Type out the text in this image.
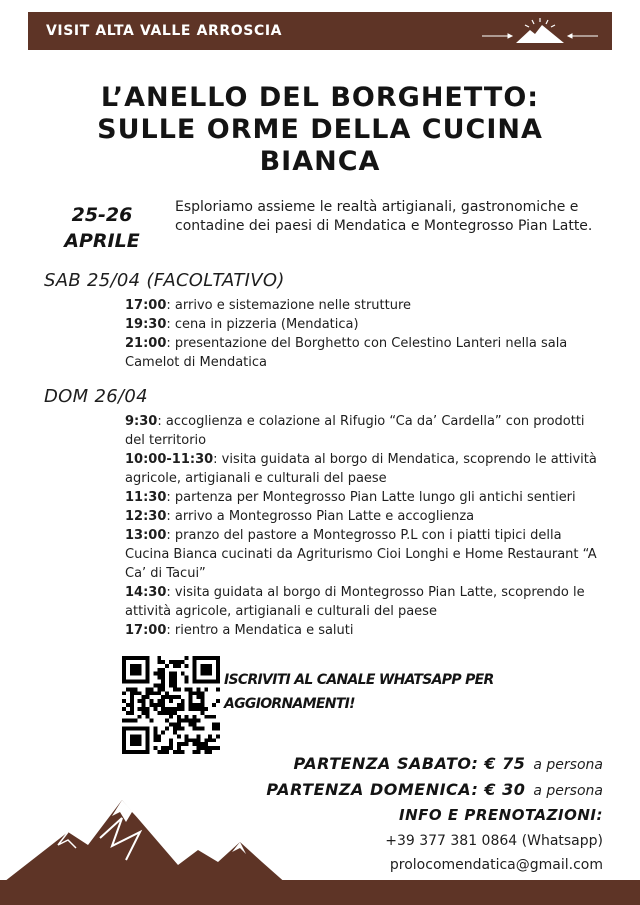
VISIT ALTA VALLE ARROSCIA
L’ANELLO DEL BORGHETTO:
SULLE ORME DELLA CUCINA
BIANCA
25-26
APRILE
Esploriamo assieme le realtà artigianali, gastronomiche e contadine dei paesi di Mendatica e Montegrosso Pian Latte.
SAB 25/04 (FACOLTATIVO)
17:00: arrivo e sistemazione nelle strutture
19:30: cena in pizzeria (Mendatica)
21:00: presentazione del Borghetto con Celestino Lanteri nella sala Camelot di Mendatica
DOM 26/04
9:30: accoglienza e colazione al Rifugio “Ca da’ Cardella” con prodotti del territorio
10:00-11:30: visita guidata al borgo di Mendatica, scoprendo le attività agricole, artigianali e culturali del paese
11:30: partenza per Montegrosso Pian Latte lungo gli antichi sentieri
12:30: arrivo a Montegrosso Pian Latte e accoglienza
13:00: pranzo del pastore a Montegrosso P.L con i piatti tipici della Cucina Bianca cucinati da Agriturismo Cioi Longhi e Home Restaurant “A Ca’ di Tacui”
14:30: visita guidata al borgo di Montegrosso Pian Latte, scoprendo le attività agricole, artigianali e culturali del paese
17:00: rientro a Mendatica e saluti
ISCRIVITI AL CANALE WHATSAPP PER
AGGIORNAMENTI!
PARTENZA SABATO: € 75 a persona
PARTENZA DOMENICA: € 30 a persona
INFO E PRENOTAZIONI:
+39 377 381 0864 (Whatsapp)
prolocomendatica@gmail.com
